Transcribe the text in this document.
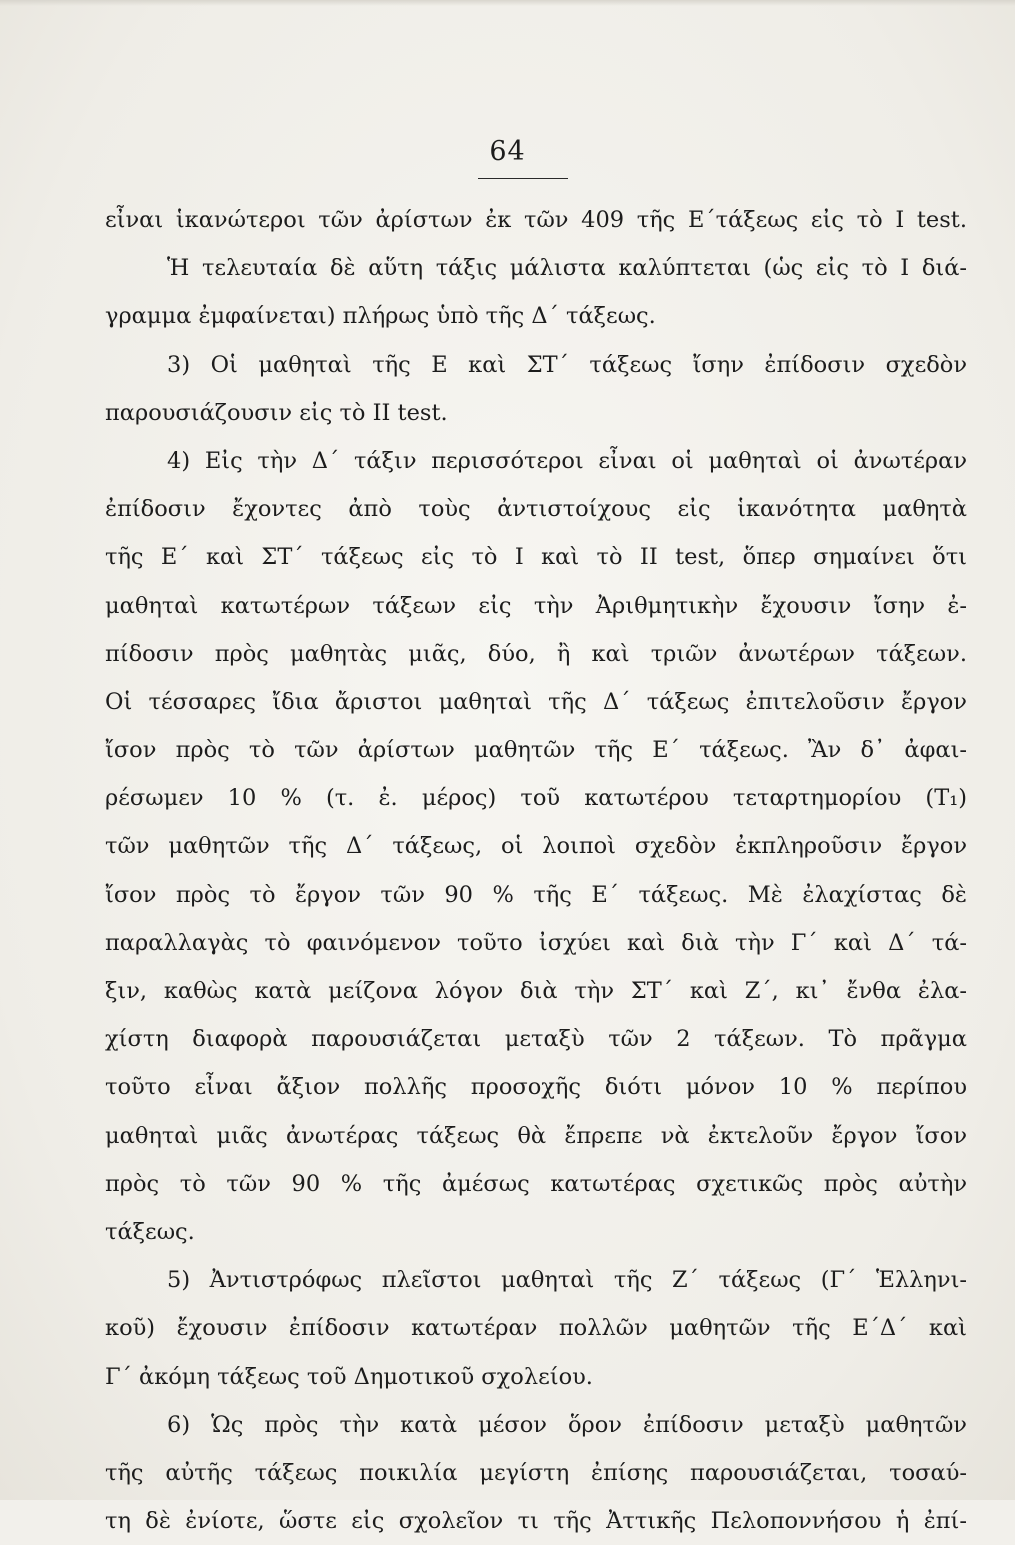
64
εἶναι ἱκανώτεροι τῶν ἀρίστων ἐκ τῶν 409 τῆς Ε΄τάξεως εἰς τὸ I test.
Ἡ τελευταία δὲ αὕτη τάξις μάλιστα καλύπτεται (ὡς εἰς τὸ I διά-
γραμμα ἐμφαίνεται) πλήρως ὑπὸ τῆς Δ΄ τάξεως.
3) Οἱ μαθηταὶ τῆς Ε καὶ ΣΤ΄ τάξεως ἴσην ἐπίδοσιν σχεδὸν
παρουσιάζουσιν εἰς τὸ II test.
4) Εἰς τὴν Δ΄ τάξιν περισσότεροι εἶναι οἱ μαθηταὶ οἱ ἀνωτέραν
ἐπίδοσιν ἔχοντες ἀπὸ τοὺς ἀντιστοίχους εἰς ἱκανότητα μαθητὰ
τῆς Ε΄ καὶ ΣΤ΄ τάξεως εἰς τὸ I καὶ τὸ II test, ὅπερ σημαίνει ὅτι
μαθηταὶ κατωτέρων τάξεων εἰς τὴν Ἀριθμητικὴν ἔχουσιν ἴσην ἐ-
πίδοσιν πρὸς μαθητὰς μιᾶς, δύο, ἢ καὶ τριῶν ἀνωτέρων τάξεων.
Οἱ τέσσαρες ἴδια ἄριστοι μαθηταὶ τῆς Δ΄ τάξεως ἐπιτελοῦσιν ἔργον
ἴσον πρὸς τὸ τῶν ἀρίστων μαθητῶν τῆς Ε΄ τάξεως. Ἂν δ᾿ ἀφαι-
ρέσωμεν 10 % (τ. ἐ. μέρος) τοῦ κατωτέρου τεταρτημορίου (T₁)
τῶν μαθητῶν τῆς Δ΄ τάξεως, οἱ λοιποὶ σχεδὸν ἐκπληροῦσιν ἔργον
ἴσον πρὸς τὸ ἔργον τῶν 90 % τῆς Ε΄ τάξεως. Μὲ ἐλαχίστας δὲ
παραλλαγὰς τὸ φαινόμενον τοῦτο ἰσχύει καὶ διὰ τὴν Γ΄ καὶ Δ΄ τά-
ξιν, καθὼς κατὰ μείζονα λόγον διὰ τὴν ΣΤ΄ καὶ Ζ΄, κι᾿ ἔνθα ἐλα-
χίστη διαφορὰ παρουσιάζεται μεταξὺ τῶν 2 τάξεων. Τὸ πρᾶγμα
τοῦτο εἶναι ἄξιον πολλῆς προσοχῆς διότι μόνον 10 % περίπου
μαθηταὶ μιᾶς ἀνωτέρας τάξεως θὰ ἔπρεπε νὰ ἐκτελοῦν ἔργον ἴσον
πρὸς τὸ τῶν 90 % τῆς ἀμέσως κατωτέρας σχετικῶς πρὸς αὐτὴν
τάξεως.
5) Ἀντιστρόφως πλεῖστοι μαθηταὶ τῆς Ζ΄ τάξεως (Γ΄ Ἑλληνι-
κοῦ) ἔχουσιν ἐπίδοσιν κατωτέραν πολλῶν μαθητῶν τῆς Ε΄Δ΄ καὶ
Γ΄ ἀκόμη τάξεως τοῦ Δημοτικοῦ σχολείου.
6) Ὡς πρὸς τὴν κατὰ μέσον ὅρον ἐπίδοσιν μεταξὺ μαθητῶν
τῆς αὐτῆς τάξεως ποικιλία μεγίστη ἐπίσης παρουσιάζεται, τοσαύ-
τη δὲ ἐνίοτε, ὥστε εἰς σχολεῖον τι τῆς Ἀττικῆς Πελοποννήσου ἡ ἐπί-
